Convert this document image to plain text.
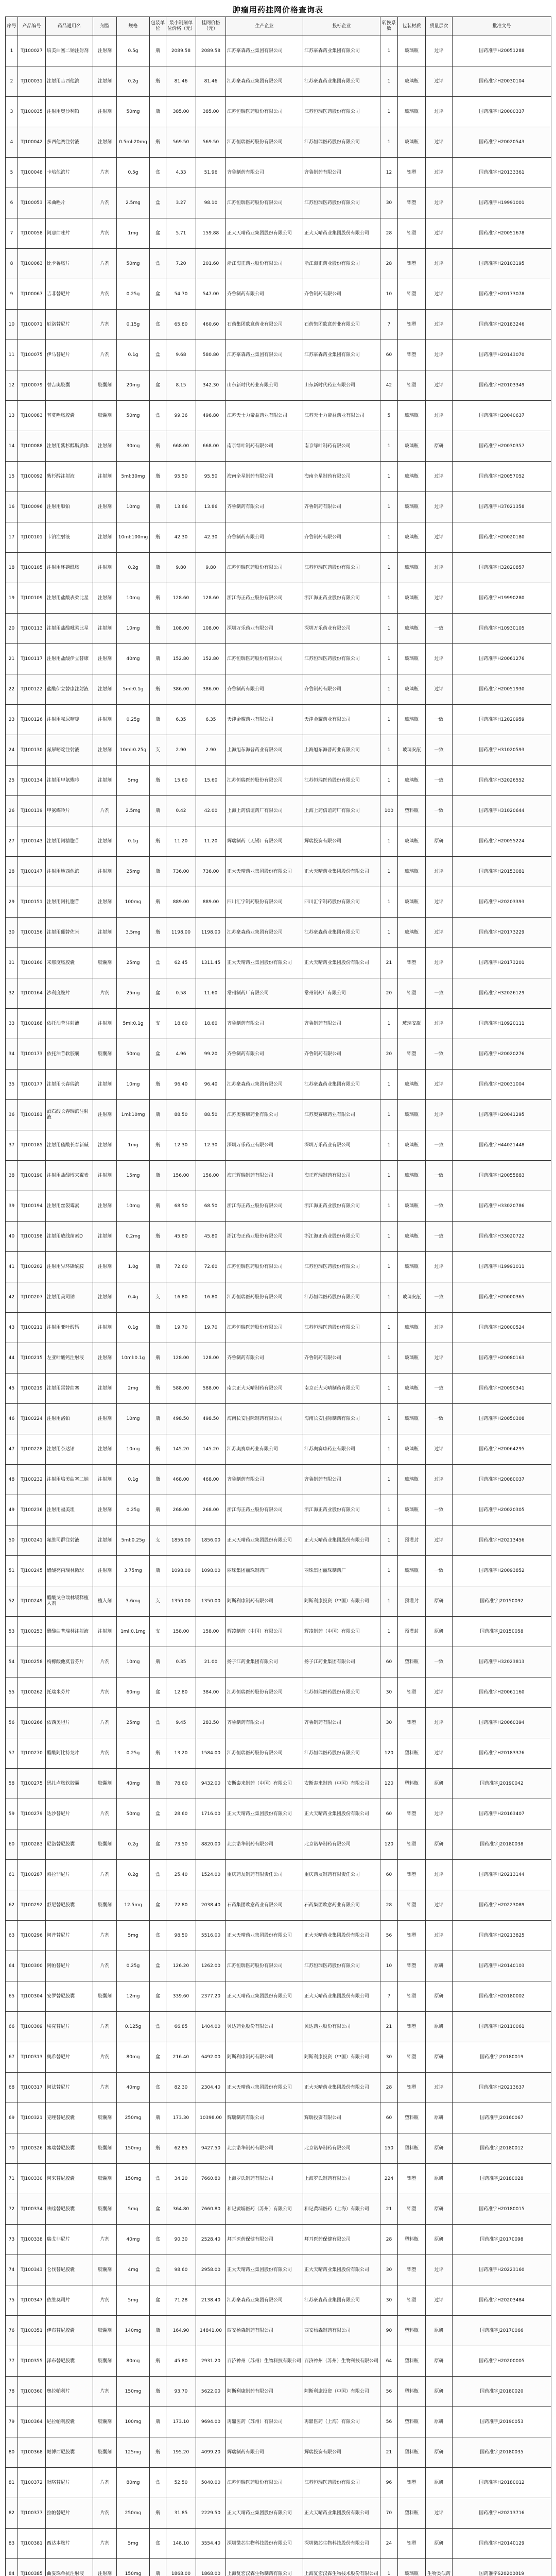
肿瘤用药挂网价格查询表
序号	产品编号	药品通用名	剂型	规格	包装单位	最小制剂单位价格（元）	挂网价格（元）	生产企业	投标企业	转换系数	包装材质	质量层次	批准文号
1	TJ100027	培美曲塞二钠注射剂	注射剂	0.5g	瓶	2089.58	2089.58	江苏豪森药业集团有限公司	江苏豪森药业集团有限公司	1	玻璃瓶	过评	国药准字H20051288
2	TJ100031	注射用吉西他滨	注射剂	0.2g	瓶	81.46	81.46	江苏豪森药业集团有限公司	江苏豪森药业集团有限公司	1	玻璃瓶	过评	国药准字H20030104
3	TJ100035	注射用奥沙利铂	注射剂	50mg	瓶	385.00	385.00	江苏恒瑞医药股份有限公司	江苏恒瑞医药股份有限公司	1	玻璃瓶	过评	国药准字H20000337
4	TJ100042	多西他赛注射液	注射剂	0.5ml:20mg	瓶	569.50	569.50	江苏恒瑞医药股份有限公司	江苏恒瑞医药股份有限公司	1	玻璃瓶	过评	国药准字H20020543
5	TJ100048	卡培他滨片	片剂	0.5g	盒	4.33	51.96	齐鲁制药有限公司	齐鲁制药有限公司	12	铝塑	过评	国药准字H20133361
6	TJ100053	来曲唑片	片剂	2.5mg	盒	3.27	98.10	江苏恒瑞医药股份有限公司	江苏恒瑞医药股份有限公司	30	铝塑	过评	国药准字H19991001
7	TJ100058	阿那曲唑片	片剂	1mg	盒	5.71	159.88	正大天晴药业集团股份有限公司	正大天晴药业集团股份有限公司	28	铝塑	过评	国药准字H20051678
8	TJ100063	比卡鲁胺片	片剂	50mg	盒	7.20	201.60	浙江海正药业股份有限公司	浙江海正药业股份有限公司	28	铝塑	过评	国药准字H20103195
9	TJ100067	吉非替尼片	片剂	0.25g	盒	54.70	547.00	齐鲁制药有限公司	齐鲁制药有限公司	10	铝塑	过评	国药准字H20173078
10	TJ100071	厄洛替尼片	片剂	0.15g	盒	65.80	460.60	石药集团欧意药业有限公司	石药集团欧意药业有限公司	7	铝塑	过评	国药准字H20183246
11	TJ100075	伊马替尼片	片剂	0.1g	盒	9.68	580.80	江苏豪森药业集团有限公司	江苏豪森药业集团有限公司	60	铝塑	过评	国药准字H20143070
12	TJ100079	替吉奥胶囊	胶囊剂	20mg	盒	8.15	342.30	山东新时代药业有限公司	山东新时代药业有限公司	42	铝塑	过评	国药准字H20103349
13	TJ100083	替莫唑胺胶囊	胶囊剂	50mg	盒	99.36	496.80	江苏天士力帝益药业有限公司	江苏天士力帝益药业有限公司	5	玻璃瓶	过评	国药准字H20040637
14	TJ100088	注射用紫杉醇脂质体	注射剂	30mg	瓶	668.00	668.00	南京绿叶制药有限公司	南京绿叶制药有限公司	1	玻璃瓶	原研	国药准字H20030357
15	TJ100092	紫杉醇注射液	注射剂	5ml:30mg	瓶	95.50	95.50	海南全星制药有限公司	海南全星制药有限公司	1	玻璃瓶	过评	国药准字H20057052
16	TJ100096	注射用顺铂	注射剂	10mg	瓶	13.86	13.86	齐鲁制药有限公司	齐鲁制药有限公司	1	玻璃瓶	过评	国药准字H37021358
17	TJ100101	卡铂注射液	注射剂	10ml:100mg	瓶	42.30	42.30	齐鲁制药有限公司	齐鲁制药有限公司	1	玻璃瓶	过评	国药准字H20020180
18	TJ100105	注射用环磷酰胺	注射剂	0.2g	瓶	9.80	9.80	江苏恒瑞医药股份有限公司	江苏恒瑞医药股份有限公司	1	玻璃瓶	过评	国药准字H32020857
19	TJ100109	注射用盐酸表柔比星	注射剂	10mg	瓶	128.60	128.60	浙江海正药业股份有限公司	浙江海正药业股份有限公司	1	玻璃瓶	过评	国药准字H19990280
20	TJ100113	注射用盐酸吡柔比星	注射剂	10mg	瓶	108.00	108.00	深圳万乐药业有限公司	深圳万乐药业有限公司	1	玻璃瓶	一致	国药准字H10930105
21	TJ100117	注射用盐酸伊立替康	注射剂	40mg	瓶	152.80	152.80	江苏恒瑞医药股份有限公司	江苏恒瑞医药股份有限公司	1	玻璃瓶	过评	国药准字H20061276
22	TJ100122	盐酸伊立替康注射液	注射剂	5ml:0.1g	瓶	386.00	386.00	齐鲁制药有限公司	齐鲁制药有限公司	1	玻璃瓶	过评	国药准字H20051930
23	TJ100126	注射用氟尿嘧啶	注射剂	0.25g	瓶	6.35	6.35	天津金耀药业有限公司	天津金耀药业有限公司	1	玻璃瓶	一致	国药准字H12020959
24	TJ100130	氟尿嘧啶注射液	注射剂	10ml:0.25g	支	2.90	2.90	上海旭东海普药业有限公司	上海旭东海普药业有限公司	1	玻璃安瓿	一致	国药准字H31020593
25	TJ100134	注射用甲氨蝶呤	注射剂	5mg	瓶	15.60	15.60	江苏恒瑞医药股份有限公司	江苏恒瑞医药股份有限公司	1	玻璃瓶	一致	国药准字H32026552
26	TJ100139	甲氨蝶呤片	片剂	2.5mg	瓶	0.42	42.00	上海上药信谊药厂有限公司	上海上药信谊药厂有限公司	100	塑料瓶	一致	国药准字H31020644
27	TJ100143	注射用阿糖胞苷	注射剂	0.1g	瓶	11.20	11.20	辉瑞制药（无锡）有限公司	辉瑞投资有限公司	1	玻璃瓶	原研	国药准字H20055224
28	TJ100147	注射用地西他滨	注射剂	25mg	瓶	736.00	736.00	正大天晴药业集团股份有限公司	正大天晴药业集团股份有限公司	1	玻璃瓶	过评	国药准字H20153081
29	TJ100151	注射用阿扎胞苷	注射剂	100mg	瓶	889.00	889.00	四川汇宇制药股份有限公司	四川汇宇制药股份有限公司	1	玻璃瓶	过评	国药准字H20203393
30	TJ100156	注射用硼替佐米	注射剂	3.5mg	瓶	1198.00	1198.00	江苏豪森药业集团有限公司	江苏豪森药业集团有限公司	1	玻璃瓶	过评	国药准字H20173229
31	TJ100160	来那度胺胶囊	胶囊剂	25mg	盒	62.45	1311.45	正大天晴药业集团股份有限公司	正大天晴药业集团股份有限公司	21	铝塑	过评	国药准字H20173201
32	TJ100164	沙利度胺片	片剂	25mg	盒	0.58	11.60	常州制药厂有限公司	常州制药厂有限公司	20	铝塑	一致	国药准字H32026129
33	TJ100168	依托泊苷注射液	注射剂	5ml:0.1g	支	18.60	18.60	齐鲁制药有限公司	齐鲁制药有限公司	1	玻璃安瓿	过评	国药准字H10920111
34	TJ100173	依托泊苷软胶囊	胶囊剂	50mg	盒	4.96	99.20	齐鲁制药有限公司	齐鲁制药有限公司	20	铝塑	一致	国药准字H20020276
35	TJ100177	注射用长春瑞滨	注射剂	10mg	瓶	96.40	96.40	江苏豪森药业集团有限公司	江苏豪森药业集团有限公司	1	玻璃瓶	过评	国药准字H20031004
36	TJ100181	酒石酸长春瑞滨注射液	注射剂	1ml:10mg	瓶	88.50	88.50	江苏奥赛康药业有限公司	江苏奥赛康药业有限公司	1	玻璃瓶	过评	国药准字H20041295
37	TJ100185	注射用硫酸长春新碱	注射剂	1mg	瓶	12.30	12.30	深圳万乐药业有限公司	深圳万乐药业有限公司	1	玻璃瓶	一致	国药准字H44021448
38	TJ100190	注射用盐酸博来霉素	注射剂	15mg	瓶	156.00	156.00	海正辉瑞制药有限公司	海正辉瑞制药有限公司	1	玻璃瓶	一致	国药准字H20055883
39	TJ100194	注射用丝裂霉素	注射剂	10mg	瓶	68.50	68.50	浙江海正药业股份有限公司	浙江海正药业股份有限公司	1	玻璃瓶	一致	国药准字H33020786
40	TJ100198	注射用放线菌素D	注射剂	0.2mg	瓶	45.80	45.80	浙江海正药业股份有限公司	浙江海正药业股份有限公司	1	玻璃瓶	一致	国药准字H33020722
41	TJ100202	注射用异环磷酰胺	注射剂	1.0g	瓶	72.60	72.60	江苏恒瑞医药股份有限公司	江苏恒瑞医药股份有限公司	1	玻璃瓶	过评	国药准字H19991011
42	TJ100207	注射用美司钠	注射剂	0.4g	支	16.80	16.80	江苏恒瑞医药股份有限公司	江苏恒瑞医药股份有限公司	1	玻璃安瓿	一致	国药准字H20000365
43	TJ100211	注射用亚叶酸钙	注射剂	0.1g	瓶	19.70	19.70	江苏恒瑞医药股份有限公司	江苏恒瑞医药股份有限公司	1	玻璃瓶	过评	国药准字H20000524
44	TJ100215	左亚叶酸钙注射液	注射剂	10ml:0.1g	瓶	128.00	128.00	齐鲁制药有限公司	齐鲁制药有限公司	1	玻璃瓶	过评	国药准字H20080163
45	TJ100219	注射用雷替曲塞	注射剂	2mg	瓶	588.00	588.00	南京正大天晴制药有限公司	南京正大天晴制药有限公司	1	玻璃瓶	一致	国药准字H20090341
46	TJ100224	注射用洛铂	注射剂	10mg	瓶	498.50	498.50	海南长安国际制药有限公司	海南长安国际制药有限公司	1	玻璃瓶	一致	国药准字H20050308
47	TJ100228	注射用奈达铂	注射剂	10mg	瓶	145.20	145.20	江苏奥赛康药业有限公司	江苏奥赛康药业有限公司	1	玻璃瓶	过评	国药准字H20064295
48	TJ100232	注射用培美曲塞二钠	注射剂	0.1g	瓶	468.00	468.00	齐鲁制药有限公司	齐鲁制药有限公司	1	玻璃瓶	过评	国药准字H20080037
49	TJ100236	注射用福美坦	注射剂	0.25g	瓶	268.00	268.00	浙江海正药业股份有限公司	浙江海正药业股份有限公司	1	玻璃瓶	一致	国药准字H20020305
50	TJ100241	氟维司群注射液	注射剂	5ml:0.25g	支	1856.00	1856.00	正大天晴药业集团股份有限公司	正大天晴药业集团股份有限公司	1	预灌封	过评	国药准字H20213456
51	TJ100245	醋酸亮丙瑞林微球	注射剂	3.75mg	瓶	1098.00	1098.00	丽珠集团丽珠制药厂	丽珠集团丽珠制药厂	1	玻璃瓶	一致	国药准字H20093852
52	TJ100249	醋酸戈舍瑞林缓释植入剂	植入剂	3.6mg	支	1350.00	1350.00	阿斯利康制药有限公司	阿斯利康投资（中国）有限公司	1	预灌封	原研	国药准字J20150092
53	TJ100253	醋酸曲普瑞林注射液	注射剂	1ml:0.1mg	支	158.00	158.00	辉凌制药（中国）有限公司	辉凌制药（中国）有限公司	1	预灌封	原研	国药准字J20150058
54	TJ100258	枸橼酸他莫昔芬片	片剂	10mg	瓶	0.35	21.00	扬子江药业集团有限公司	扬子江药业集团有限公司	60	塑料瓶	一致	国药准字H32023813
55	TJ100262	托瑞米芬片	片剂	60mg	盒	12.80	384.00	江苏恒瑞医药股份有限公司	江苏恒瑞医药股份有限公司	30	铝塑	过评	国药准字H20061160
56	TJ100266	依西美坦片	片剂	25mg	盒	9.45	283.50	齐鲁制药有限公司	齐鲁制药有限公司	30	铝塑	过评	国药准字H20060394
57	TJ100270	醋酸阿比特龙片	片剂	0.25g	瓶	13.20	1584.00	江苏恒瑞医药股份有限公司	江苏恒瑞医药股份有限公司	120	塑料瓶	过评	国药准字H20183376
58	TJ100275	恩扎卢胺软胶囊	胶囊剂	40mg	瓶	78.60	9432.00	安斯泰来制药（中国）有限公司	安斯泰来制药（中国）有限公司	120	塑料瓶	原研	国药准字J20190042
59	TJ100279	达沙替尼片	片剂	50mg	盒	28.60	1716.00	正大天晴药业集团股份有限公司	正大天晴药业集团股份有限公司	60	铝塑	过评	国药准字H20163407
60	TJ100283	尼洛替尼胶囊	胶囊剂	0.2g	盒	73.50	8820.00	北京诺华制药有限公司	北京诺华制药有限公司	120	铝塑	原研	国药准字J20180038
61	TJ100287	索拉非尼片	片剂	0.2g	盒	25.40	1524.00	重庆药友制药有限责任公司	重庆药友制药有限责任公司	60	铝塑	过评	国药准字H20213144
62	TJ100292	舒尼替尼胶囊	胶囊剂	12.5mg	盒	72.80	2038.40	石药集团欧意药业有限公司	石药集团欧意药业有限公司	28	铝塑	过评	国药准字H20223089
63	TJ100296	阿昔替尼片	片剂	5mg	盒	98.50	5516.00	正大天晴药业集团股份有限公司	正大天晴药业集团股份有限公司	56	铝塑	过评	国药准字H20213825
64	TJ100300	阿帕替尼片	片剂	0.25g	盒	126.20	1262.00	江苏恒瑞医药股份有限公司	江苏恒瑞医药股份有限公司	10	铝塑	原研	国药准字H20140103
65	TJ100304	安罗替尼胶囊	胶囊剂	12mg	盒	339.60	2377.20	正大天晴药业集团股份有限公司	正大天晴药业集团股份有限公司	7	铝塑	原研	国药准字H20180002
66	TJ100309	埃克替尼片	片剂	0.125g	盒	66.85	1404.00	贝达药业股份有限公司	贝达药业股份有限公司	21	铝塑	原研	国药准字H20110061
67	TJ100313	奥希替尼片	片剂	80mg	盒	216.40	6492.00	阿斯利康制药有限公司	阿斯利康投资（中国）有限公司	30	铝塑	原研	国药准字J20180019
68	TJ100317	阿法替尼片	片剂	40mg	盒	82.30	2304.40	正大天晴药业集团股份有限公司	正大天晴药业集团股份有限公司	28	铝塑	过评	国药准字H20213637
69	TJ100321	克唑替尼胶囊	胶囊剂	250mg	瓶	173.30	10398.00	辉瑞制药有限公司	辉瑞投资有限公司	60	塑料瓶	原研	国药准字J20160067
70	TJ100326	塞瑞替尼胶囊	胶囊剂	150mg	瓶	62.85	9427.50	北京诺华制药有限公司	北京诺华制药有限公司	150	塑料瓶	原研	国药准字J20180012
71	TJ100330	阿来替尼胶囊	胶囊剂	150mg	盒	34.20	7660.80	上海罗氏制药有限公司	上海罗氏制药有限公司	224	铝塑	原研	国药准字J20180028
72	TJ100334	呋喹替尼胶囊	胶囊剂	5mg	盒	364.80	7660.80	和记黄埔医药（苏州）有限公司	和记黄埔医药（上海）有限公司	21	铝塑	原研	国药准字H20180015
73	TJ100338	瑞戈非尼片	片剂	40mg	盒	90.30	2528.40	拜耳医药保健有限公司	拜耳医药保健有限公司	28	塑料瓶	原研	国药准字J20170098
74	TJ100343	仑伐替尼胶囊	胶囊剂	4mg	盒	98.60	2958.00	正大天晴药业集团股份有限公司	正大天晴药业集团股份有限公司	30	铝塑	过评	国药准字H20223160
75	TJ100347	依维莫司片	片剂	5mg	盒	71.28	2138.40	江苏豪森药业集团有限公司	江苏豪森药业集团有限公司	30	铝塑	过评	国药准字H20203484
76	TJ100351	伊布替尼胶囊	胶囊剂	140mg	瓶	164.90	14841.00	西安杨森制药有限公司	西安杨森制药有限公司	90	塑料瓶	原研	国药准字J20170066
77	TJ100355	泽布替尼胶囊	胶囊剂	80mg	瓶	45.80	2931.20	百济神州（苏州）生物科技有限公司	百济神州（苏州）生物科技有限公司	64	塑料瓶	原研	国药准字H20200005
78	TJ100360	奥拉帕利片	片剂	150mg	瓶	93.70	5622.00	阿斯利康制药有限公司	阿斯利康投资（中国）有限公司	56	塑料瓶	原研	国药准字J20180020
79	TJ100364	尼拉帕利胶囊	胶囊剂	100mg	瓶	173.10	9694.00	再鼎医药（苏州）有限公司	再鼎医药（上海）有限公司	56	塑料瓶	原研	国药准字J20190053
80	TJ100368	帕博西尼胶囊	胶囊剂	125mg	瓶	195.20	4099.20	辉瑞制药有限公司	辉瑞投资有限公司	21	塑料瓶	原研	国药准字J20180035
81	TJ100372	吡咯替尼片	片剂	80mg	盒	52.50	5040.00	江苏恒瑞医药股份有限公司	江苏恒瑞医药股份有限公司	96	铝塑	原研	国药准字H20180012
82	TJ100377	拉帕替尼片	片剂	250mg	瓶	31.85	2229.50	正大天晴药业集团股份有限公司	正大天晴药业集团股份有限公司	70	塑料瓶	过评	国药准字H20213716
83	TJ100381	西达本胺片	片剂	5mg	盒	148.10	3554.40	深圳微芯生物科技股份有限公司	深圳微芯生物科技股份有限公司	24	铝塑	原研	国药准字H20140129
84	TJ100385	曲妥珠单抗注射液	注射剂	150mg	瓶	1868.00	1868.00	上海复宏汉霖生物制药有限公司	上海复宏汉霖生物技术股份有限公司	1	玻璃瓶	生物类似药	国药准字S20200019
